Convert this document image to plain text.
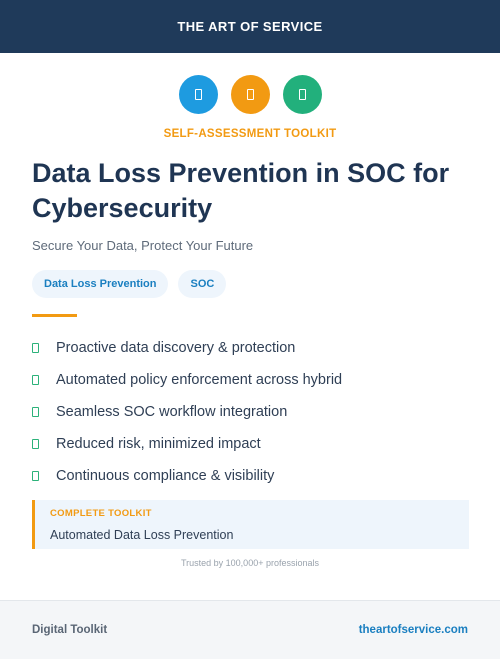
THE ART OF SERVICE
SELF-ASSESSMENT TOOLKIT
Data Loss Prevention in SOC for Cybersecurity
Secure Your Data, Protect Your Future
Data Loss Prevention	SOC
Proactive data discovery & protection
Automated policy enforcement across hybrid
Seamless SOC workflow integration
Reduced risk, minimized impact
Continuous compliance & visibility
COMPLETE TOOLKIT
Automated Data Loss Prevention
Trusted by 100,000+ professionals
Digital Toolkit	theartofservice.com
